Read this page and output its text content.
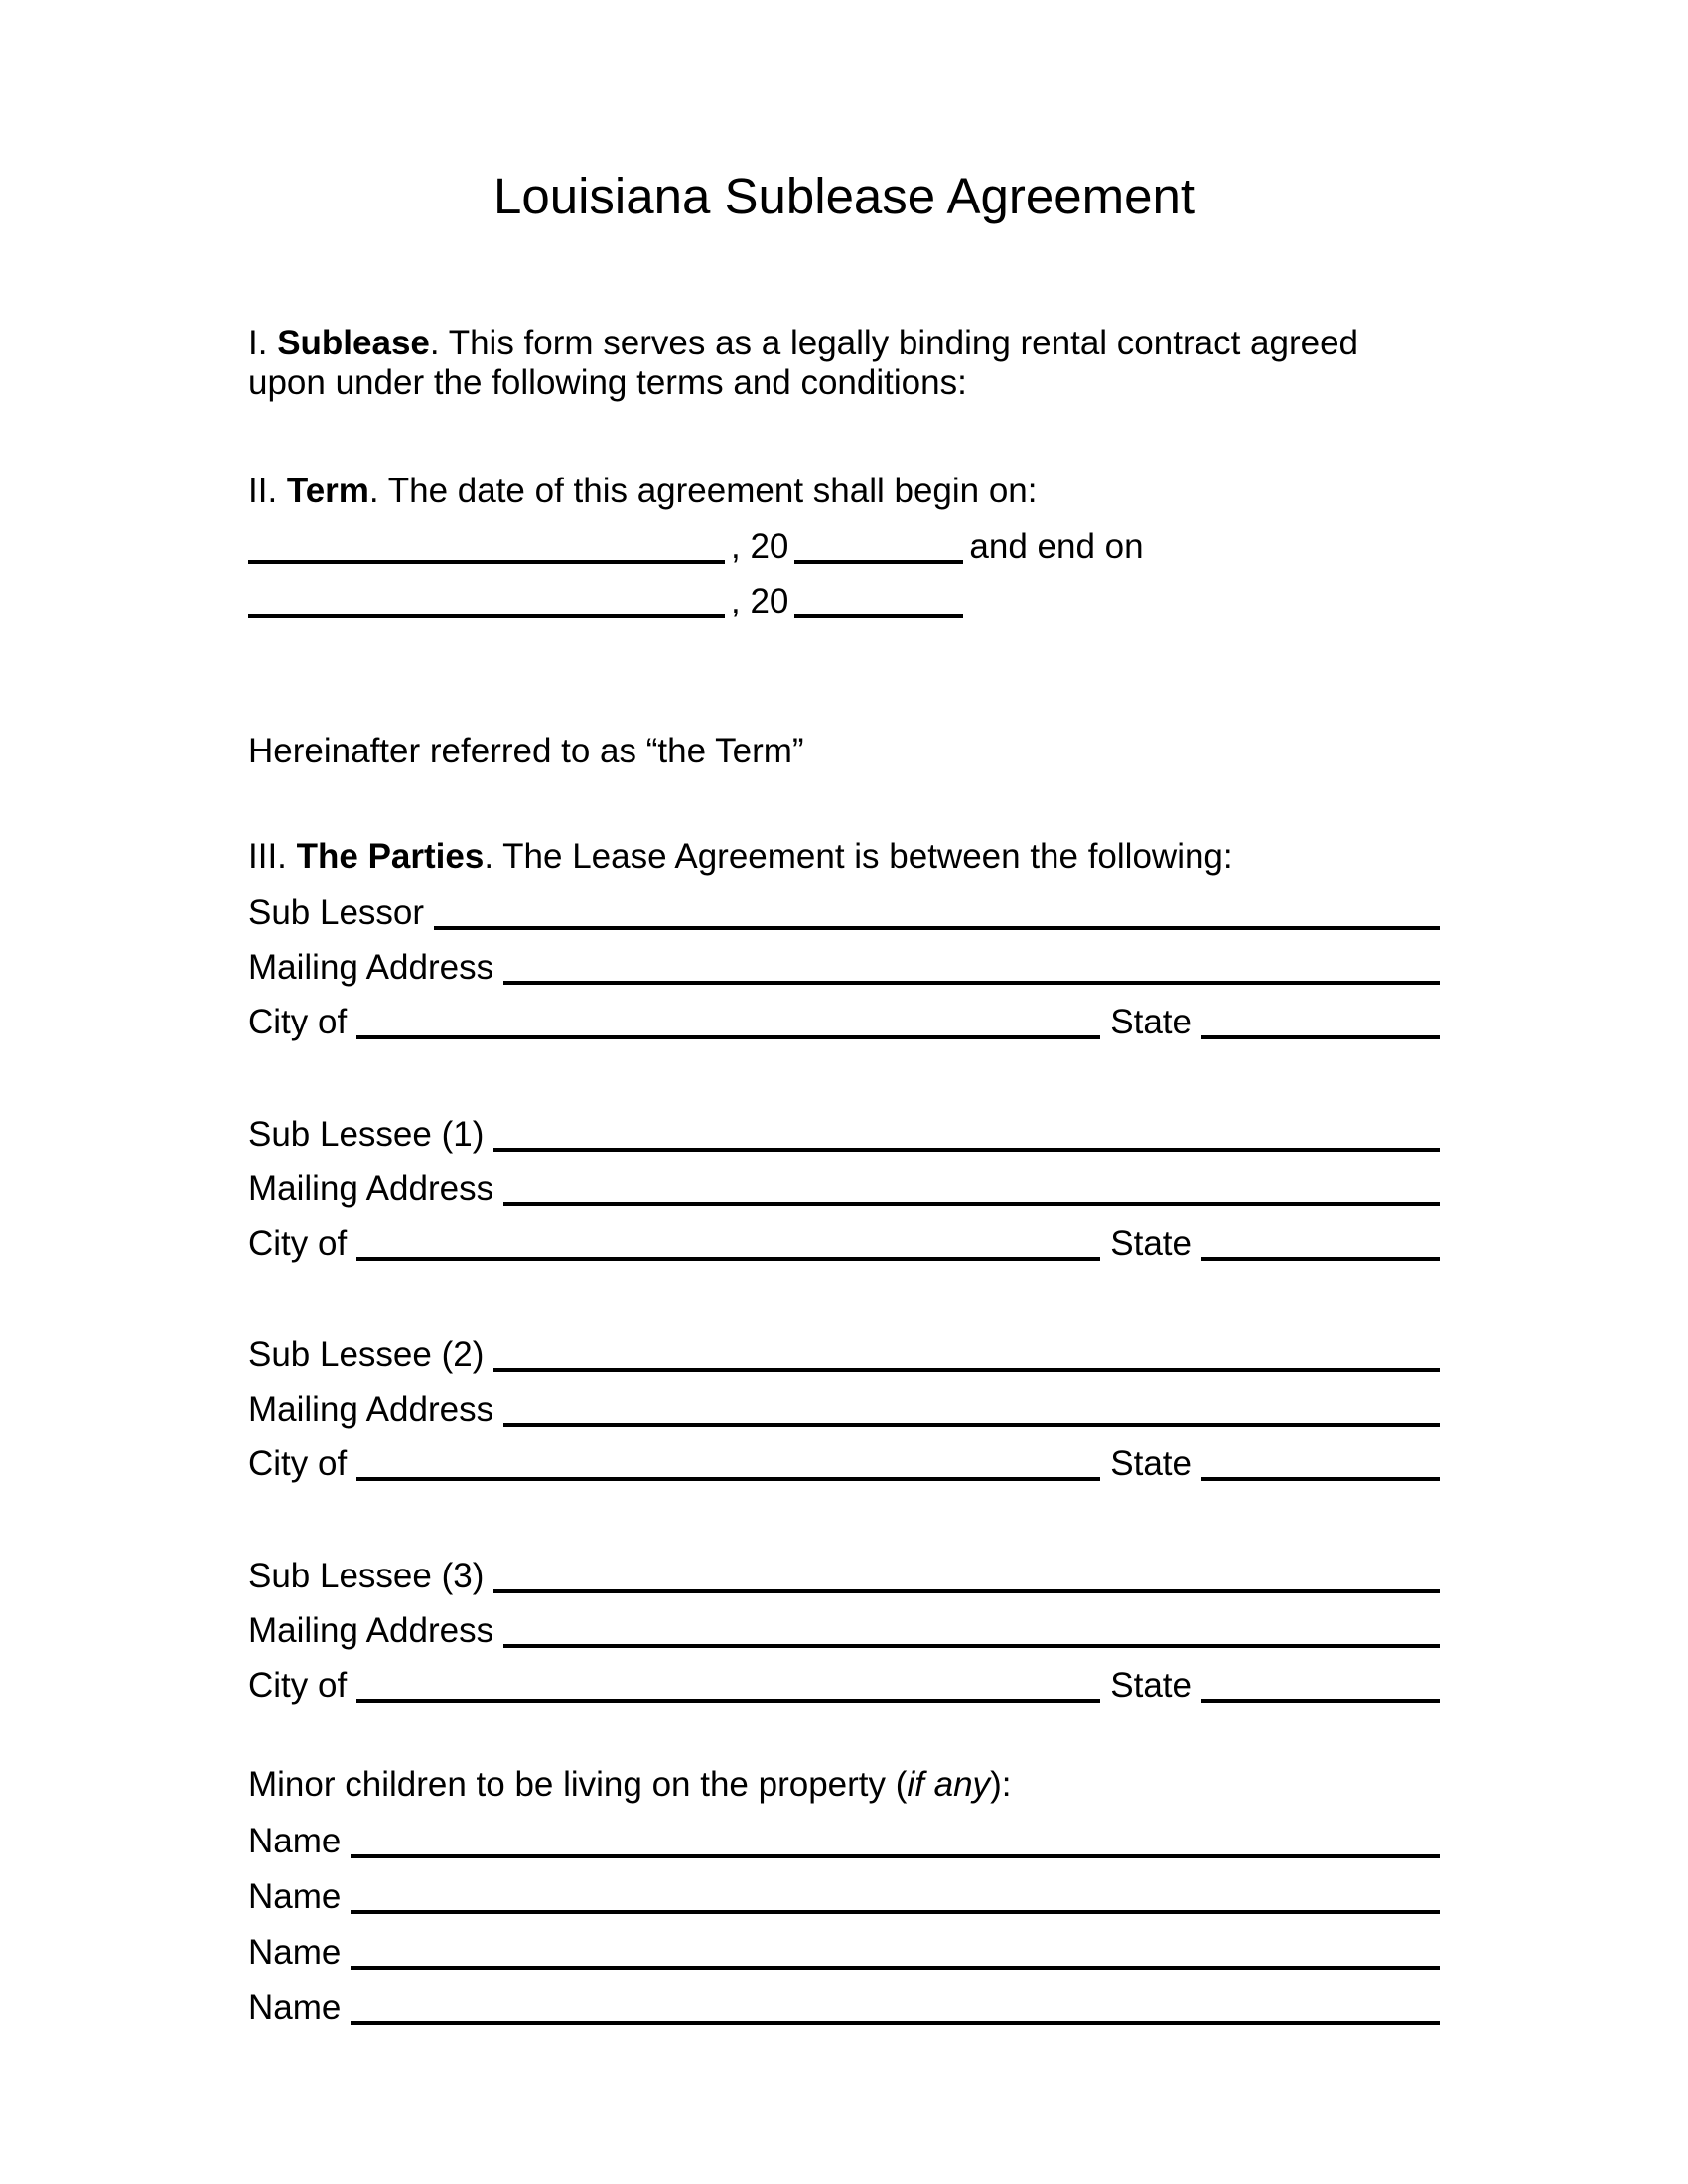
Louisiana Sublease Agreement

I. Sublease. This form serves as a legally binding rental contract agreed upon under the following terms and conditions:

II. Term. The date of this agreement shall begin on:

, 20	and end on
, 20

Hereinafter referred to as “the Term”

III. The Parties. The Lease Agreement is between the following:

Sub Lessor
Mailing Address
City of	State
Sub Lessee (1)
Mailing Address
City of	State
Sub Lessee (2)
Mailing Address
City of	State
Sub Lessee (3)
Mailing Address
City of	State

Minor children to be living on the property (if any):

Name
Name
Name
Name
